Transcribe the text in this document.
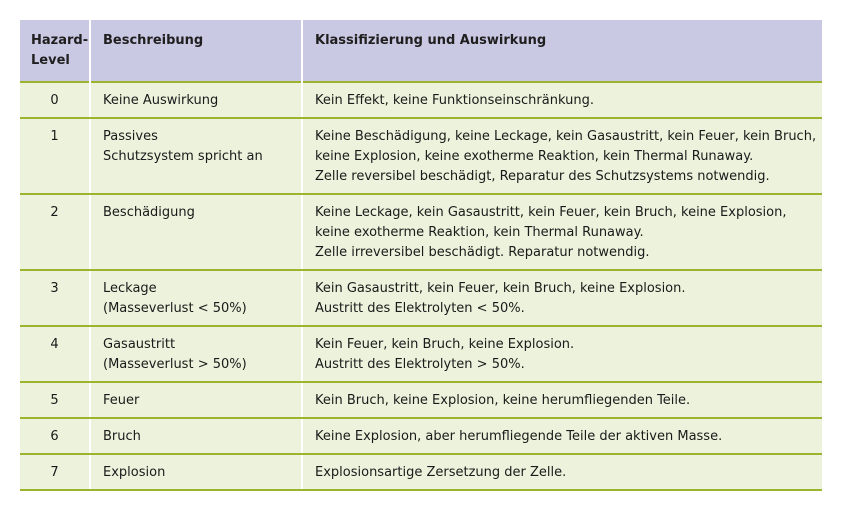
Hazard-
Level	Beschreibung	Klassifizierung und Auswirkung
0	Keine Auswirkung	Kein Effekt, keine Funktionseinschränkung.

1	Passives
Schutzsystem spricht an	Keine Beschädigung, keine Leckage, kein Gasaustritt, kein Feuer, kein Bruch,
keine Explosion, keine exotherme Reaktion, kein Thermal Runaway.
Zelle reversibel beschädigt, Reparatur des Schutzsystems notwendig.

2	Beschädigung	Keine Leckage, kein Gasaustritt, kein Feuer, kein Bruch, keine Explosion,
keine exotherme Reaktion, kein Thermal Runaway.
Zelle irreversibel beschädigt. Reparatur notwendig.

3	Leckage
(Masseverlust < 50%)	Kein Gasaustritt, kein Feuer, kein Bruch, keine Explosion.
Austritt des Elektrolyten < 50%.

4	Gasaustritt
(Masseverlust > 50%)	Kein Feuer, kein Bruch, keine Explosion.
Austritt des Elektrolyten > 50%.

5	Feuer	Kein Bruch, keine Explosion, keine herumfliegenden Teile.

6	Bruch	Keine Explosion, aber herumfliegende Teile der aktiven Masse.

7	Explosion	Explosionsartige Zersetzung der Zelle.
